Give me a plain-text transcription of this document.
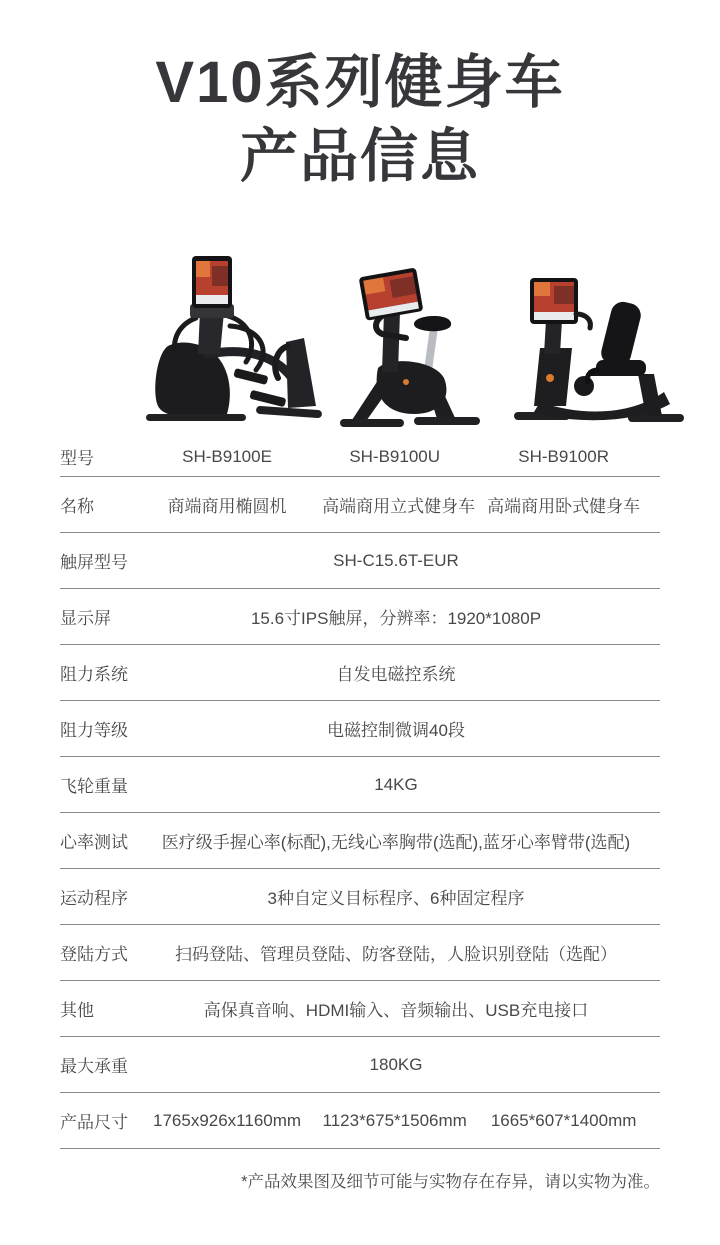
V10系列健身车
产品信息
型号	SH-B9100E	SH-B9100U	SH-B9100R
名称	商端商用椭圆机	高端商用立式健身车 高端商用卧式健身车
触屏型号	SH-C15.6T-EUR
显示屏	15.6寸IPS触屏，分辨率：1920*1080P
阻力系统	自发电磁控系统
阻力等级	电磁控制微调40段
飞轮重量	14KG
心率测试	医疗级手握心率(标配),无线心率胸带(选配),蓝牙心率臂带(选配)
运动程序	3种自定义目标程序、6种固定程序
登陆方式	扫码登陆、管理员登陆、防客登陆，人脸识别登陆（选配）
其他	高保真音响、HDMI输入、音频输出、USB充电接口
最大承重	180KG
产品尺寸	1765x926x1160mm	1123*675*1506mm	1665*607*1400mm
*产品效果图及细节可能与实物存在存异，请以实物为准。
